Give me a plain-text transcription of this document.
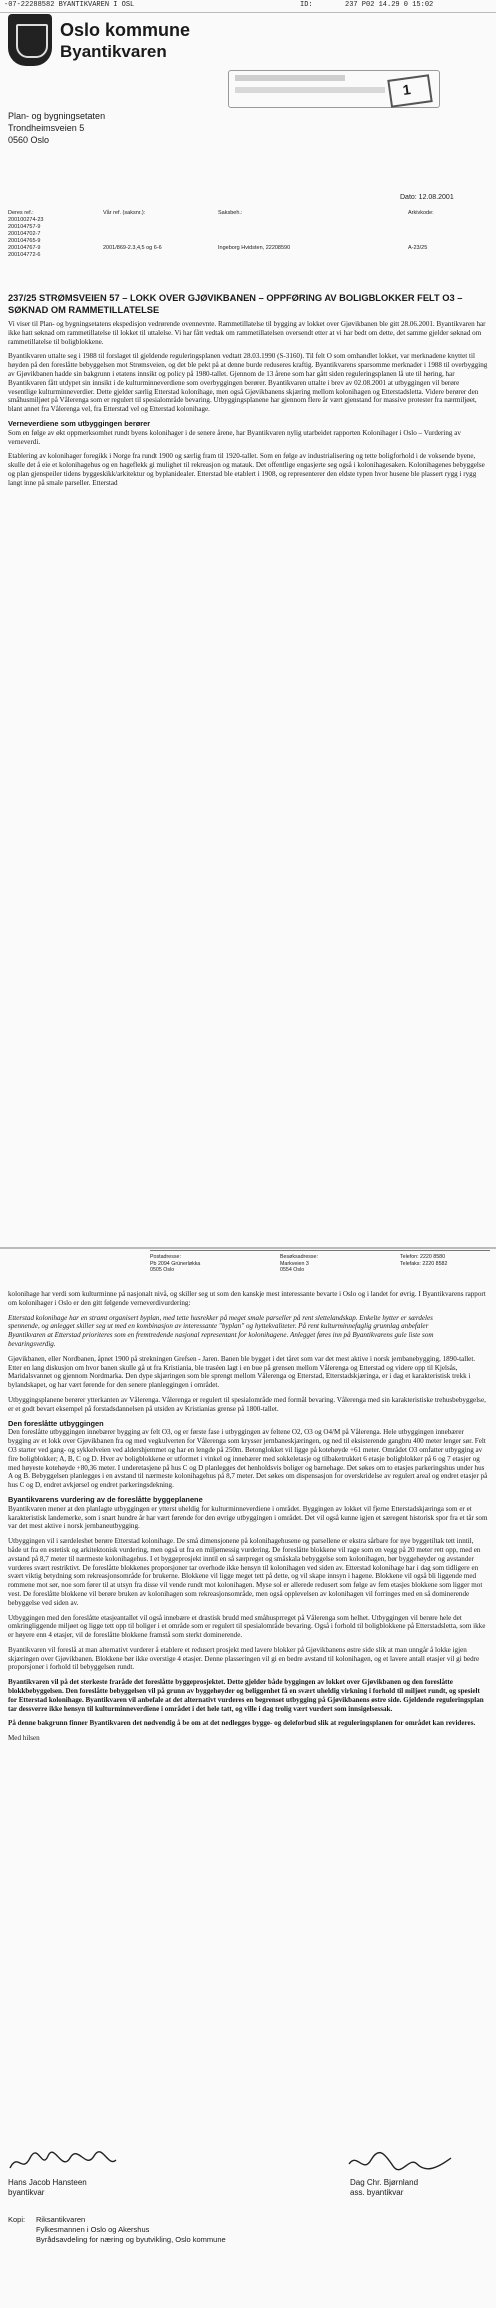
-07-22288582 BYANTIKVAREN I OSL	ID:	237 P02 14.29 0 15:02
Oslo kommune
Byantikvaren
1
Plan- og bygningsetaten
Trondheimsveien 5
0560 Oslo
Dato: 12.08.2001
Deres ref.:
200100274-23
200104757-9
200104702-7
200104765-9
200104767-9
200104772-6
Vår ref. (saksnr.):
2001/869-2.3,4,5 og 6-6
Saksbeh.:
Ingeborg Hvidsten, 22208590
Arkivkode:
A-23/25
237/25 STRØMSVEIEN 57 – LOKK OVER GJØVIKBANEN – OPPFØRING AV BOLIGBLOKKER FELT O3 – SØKNAD OM RAMMETILLATELSE

Vi viser til Plan- og bygningsetatens ekspedisjon vedrørende ovennevnte. Rammetillatelse til bygging av lokket over Gjøvikbanen ble gitt 28.06.2001. Byantikvaren har ikke hatt søknad om rammetillatelse til lokket til uttalelse. Vi har fått vedtak om rammetillatelsen oversendt etter at vi har bedt om dette, det samme gjelder søknad om rammetillatelse til boligblokkene.

Byantikvaren uttalte seg i 1988 til forslaget til gjeldende reguleringsplanen vedtatt 28.03.1990 (S-3160). Til felt O som omhandlet lokket, var merknadene knyttet til høyden på den foreslåtte bebyggelsen mot Strømsveien, og det ble pekt på at denne burde reduseres kraftig. Byantikvarens sparsomme merknader i 1988 til overbygging av Gjøvikbanen hadde sin bakgrunn i etatens innsikt og policy på 1980-tallet. Gjennom de 13 årene som har gått siden reguleringsplanen lå ute til høring, har Byantikvaren fått utdypet sin innsikt i de kulturminneverdiene som overbyggingen berører. Byantikvaren uttalte i brev av 02.08.2001 at utbyggingen vil berøre vesentlige kulturminneverdier. Dette gjelder særlig Etterstad kolonihage, men også Gjøvikbanens skjæring mellom kolonihagen og Etterstadsletta. Videre berører den småhusmiljøet på Vålerenga som er regulert til spesialområde bevaring. Utbyggingsplanene har gjennom flere år vært gjenstand for massive protester fra nærmiljøet, blant annet fra Vålerenga vel, fra Etterstad vel og Etterstad kolonihage.

Verneverdiene som utbyggingen berører

Som en følge av økt oppmerksomhet rundt byens kolonihager i de senere årene, har Byantikvaren nylig utarbeidet rapporten Kolonihager i Oslo – Vurdering av verneverdi.

Etablering av kolonihager foregikk i Norge fra rundt 1900 og særlig fram til 1920-tallet. Som en følge av industrialisering og tette boligforhold i de voksende byene, skulle det å eie et kolonihagehus og en hageflekk gi mulighet til rekreasjon og matauk. Det offentlige engasjerte seg også i kolonihagesaken. Kolonihagenes bebyggelse og plan gjenspeiler tidens byggeskikk/arkitektur og byplanidealer. Etterstad ble etablert i 1908, og representerer den eldste typen hvor husene ble plassert rygg i rygg langt inne på smale parseller. Etterstad

Postadresse:
Pb 2094 Grünerløkka
0505 Oslo
Besøksadresse:
Markveien 3
0554 Oslo
Telefon: 2220 8580
Telefaks: 2220 8582

kolonihage har verdi som kulturminne på nasjonalt nivå, og skiller seg ut som den kanskje mest interessante bevarte i Oslo og i landet for øvrig. I Byantikvarens rapport om kolonihager i Oslo er den gitt følgende verneverdivurdering:

Etterstad kolonihage har en stramt organisert byplan, med tette husrekker på meget smale parseller på rent slettelandskap. Enkelte hytter er særdeles spennende, og anlegget skiller seg ut med en kombinasjon av interessante "byplan" og hyttekvaliteter. På rent kulturminnefaglig grunnlag anbefaler Byantikvaren at Etterstad prioriteres som en fremtredende nasjonal representant for kolonihagene. Anlegget føres inn på Byantikvarens gule liste som bevaringsverdig.

Gjøvikbanen, eller Nordbanen, åpnet 1900 på strekningen Grefsen - Jaren. Banen ble bygget i det tåret som var det mest aktive i norsk jernbanebygging, 1890-tallet. Etter en lang diskusjon om hvor banen skulle gå ut fra Kristiania, ble traséen lagt i en bue på grensen mellom Vålerenga og Etterstad og videre opp til Kjelsås, Maridalsvannet og gjennom Nordmarka. Den dype skjæringen som ble sprengt mellom Vålerenga og Etterstad, Etterstadskjæringa, er i dag et karakteristisk trekk i bylandskapet, og har vært førende for den senere planleggingen i området.

Utbyggingsplanene berører ytterkanten av Vålerenga. Vålerenga er regulert til spesialområde med formål bevaring. Vålerenga med sin karakteristiske trehusbebyggelse, er et godt bevart eksempel på forstadsdannelsen på utsiden av Kristianias grense på 1800-tallet.

Den foreslåtte utbyggingen

Den foreslåtte utbyggingen innebærer bygging av felt O3, og er første fase i utbyggingen av feltene O2, O3 og O4/M på Vålerenga. Hele utbyggingen innebærer bygging av et lokk over Gjøvikbanen fra og med vegkulverten for Vålerenga som krysser jernbaneskjæringen, og ned til eksisterende gangbru 400 meter lenger sør. Felt O3 starter ved gang- og sykkelveien ved aldershjemmet og har en lengde på 250m. Betonglokket vil ligge på kotehøyde +61 meter. Området O3 omfatter utbygging av fire boligblokker; A, B, C og D. Hver av boligblokkene er utformet i vinkel og innebærer med sokkeletasje og tilbaketrukket 6 etasje boligblokker på 6 og 7 etasjer og med høyeste kotehøyde +80,36 meter. I underetasjene på hus C og D planlegges det henholdsvis boliger og barnehage. Det søkes om to etasjes parkeringshus under hus A og B. Bebyggelsen planlegges i en avstand til nærmeste kolonihagehus på 8,7 meter. Det søkes om dispensasjon for overskridelse av regulert areal og endret etasjer på hus C og D, endret avkjørsel og endret parkeringsdekning.

Byantikvarens vurdering av de foreslåtte byggeplanene

Byantikvaren mener at den planlagte utbyggingen er ytterst uheldig for kulturminneverdiene i området. Byggingen av lokket vil fjerne Etterstadskjæringa som er et karakteristisk landemerke, som i snart hundre år har vært førende for den øvrige utbyggingen i området. Det vil også kunne igjen et særegent historisk spor fra et tår som var det mest aktive i norsk jernbaneutbygging.

Utbyggingen vil i særdeleshet berøre Etterstad kolonihage. De små dimensjonene på kolonihagehusene og parsellene er ekstra sårbare for nye byggetiltak tett inntil, både ut fra en estetisk og arkitektonisk vurdering, men også ut fra en miljømessig vurdering. De foreslåtte blokkene vil rage som en vegg på 20 meter rett opp, med en avstand på 8,7 meter til nærmeste kolonihagehus. I et byggeprosjekt inntil en så særpreget og småskala bebyggelse som kolonihagen, bør byggehøyder og avstander vurderes svært restriktivt. De foreslåtte blokkenes proporsjoner tar overhode ikke hensyn til kolonihagen ved siden av. Etterstad kolonihage har i dag som tidligere en svært viktig betydning som rekreasjonsområde for brukerne. Blokkene vil ligge meget tett på dette, og vil skape innsyn i hagene. Blokkene vil også bli liggende med rommene mot sør, noe som fører til at utsyn fra disse vil vende rundt mot kolonihagen. Myse sol er allerede redusert som følge av fem etasjes blokkene som ligger mot vest. De foreslåtte blokkene vil berøre bruken av kolonihagen som rekreasjonsområde, men også opplevelsen av kolonihagen vil forringes med en så dominerende bebyggelse ved siden av.

Utbyggingen med den foreslåtte etasjeantallet vil også innebære et drastisk brudd med småhusprreget på Vålerenga som helhet. Utbyggingen vil berøre hele det omkringliggende miljøet og ligge tett opp til boliger i et område som er regulert til spesialområde bevaring. Også i forhold til boligblokkene på Etterstadsletta, som ikke er høyere enn 4 etasjer, vil de foreslåtte blokkene framstå som sterkt dominerende.

Byantikvaren vil foreslå at man alternativt vurderer å etablere et redusert prosjekt med lavere blokker på Gjøvikbanens østre side slik at man unngår å lokke igjen skjæringen over Gjøvikbanen. Blokkene bør ikke overstige 4 etasjer. Denne plasseringen vil gi en bedre avstand til kolonihagen, og et lavere antall etasjer vil gi bedre proporsjoner i forhold til bebyggelsen rundt.

Byantikvaren vil på det sterkeste fraråde det foreslåtte byggeprosjektet. Dette gjelder både byggingen av lokket over Gjøvikbanen og den foreslåtte blokkbebyggelsen. Den foreslåtte bebyggelsen vil på grunn av byggehøyder og beliggenhet få en svært uheldig virkning i forhold til miljøet rundt, og spesielt for Etterstad kolonihage. Byantikvaren vil anbefale at det alternativt vurderes en begrenset utbygging på Gjøvikbanens østre side. Gjeldende reguleringsplan tar dessverre ikke hensyn til kulturminneverdiene i området i det hele tatt, og ville i dag trolig vært vurdert som innsigelsessak.

På denne bakgrunn finner Byantikvaren det nødvendig å be om at det nedlegges bygge- og deleforbud slik at reguleringsplanen for området kan revideres.

Med hilsen

Hans Jacob Hansteen
byantikvar
Dag Chr. Bjørnland
ass. byantikvar
Kopi: Riksantikvaren
Fylkesmannen i Oslo og Akershus
Byrådsavdeling for næring og byutvikling, Oslo kommune
